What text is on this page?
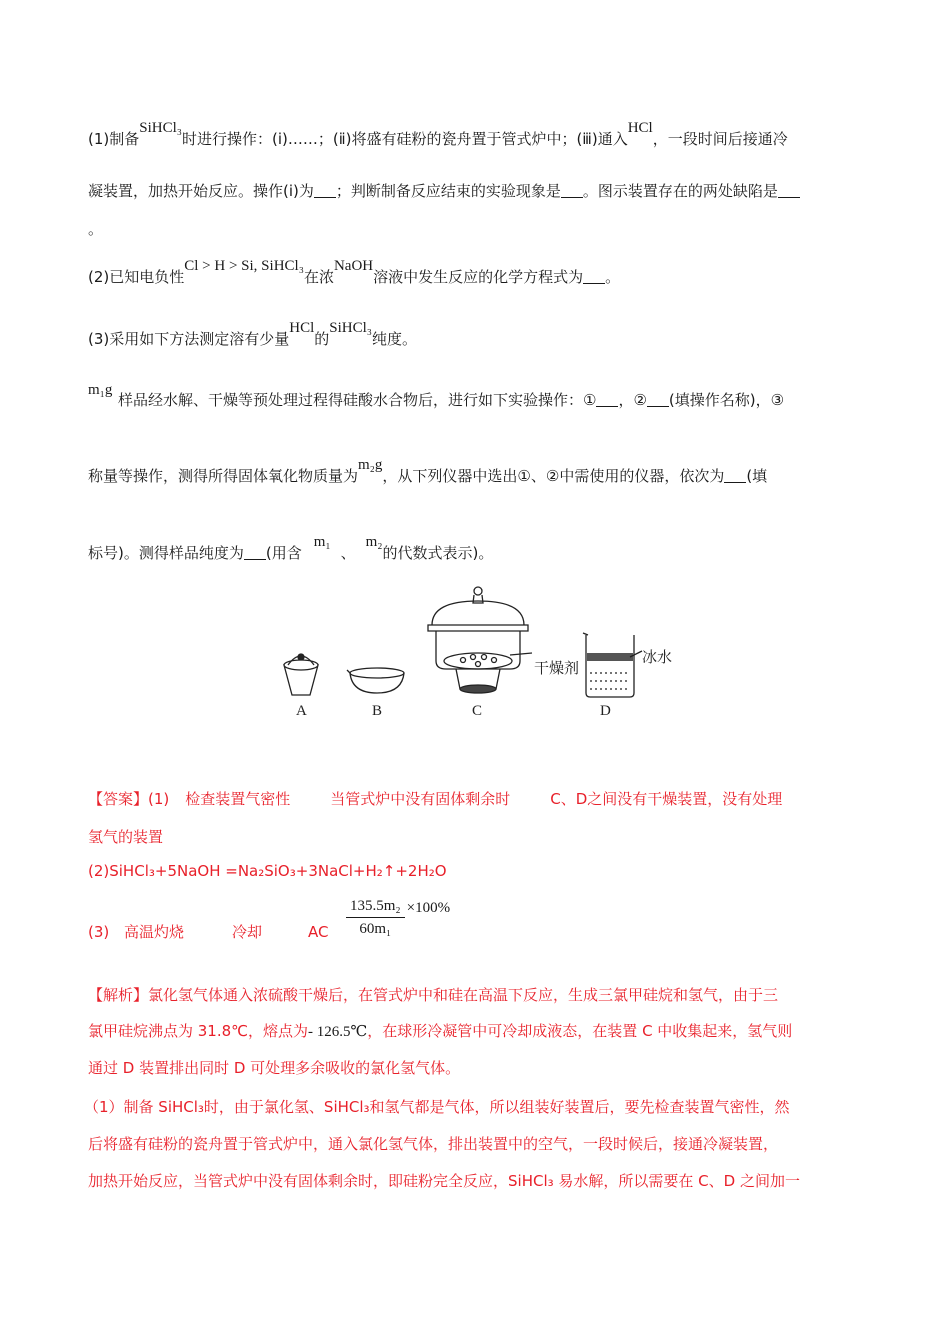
(1)制备SiHCl₃时进行操作：(ⅰ)……；(ⅱ)将盛有硅粉的瓷舟置于管式炉中；(ⅲ)通入HCl，一段时间后接通冷
凝装置，加热开始反应。操作(ⅰ)为 ；判断制备反应结束的实验现象是 。图示装置存在的两处缺陷是
。
(2)已知电负性Cl > H > Si, SiHCl₃在浓NaOH溶液中发生反应的化学方程式为 。
(3)采用如下方法测定溶有少量HCl的SiHCl₃纯度。
m₁g
样品经水解、干燥等预处理过程得硅酸水合物后，进行如下实验操作：① ，② (填操作名称)，③
称量等操作，测得所得固体氧化物质量为m₂g，从下列仪器中选出①、②中需使用的仪器，依次为 (填
标号)。测得样品纯度为 (用含m₁、m₂的代数式表示)。
干燥剂
冰水
A	B	C	D
【答案】(1) 检查装置气密性	当管式炉中没有固体剩余时	C、D之间没有干燥装置，没有处理
氢气的装置
(2)SiHCl₃+5NaOH =Na₂SiO₃+3NaCl+H₂↑+2H₂O
(3) 高温灼烧	冷却	AC $\frac{\text{135.5m₂}}{\text{60m₁}} \times 100\%$
【解析】氯化氢气体通入浓硫酸干燥后，在管式炉中和硅在高温下反应，生成三氯甲硅烷和氢气，由于三
氯甲硅烷沸点为 31.8℃，熔点为- 126.5℃，在球形冷凝管中可冷却成液态，在装置 C 中收集起来，氢气则
通过 D 装置排出同时 D 可处理多余吸收的氯化氢气体。
（1）制备 SiHCl₃时，由于氯化氢、SiHCl₃和氢气都是气体，所以组装好装置后，要先检查装置气密性，然
后将盛有硅粉的瓷舟置于管式炉中，通入氯化氢气体，排出装置中的空气，一段时候后，接通冷凝装置，
加热开始反应，当管式炉中没有固体剩余时，即硅粉完全反应，SiHCl₃ 易水解，所以需要在 C、D 之间加一
